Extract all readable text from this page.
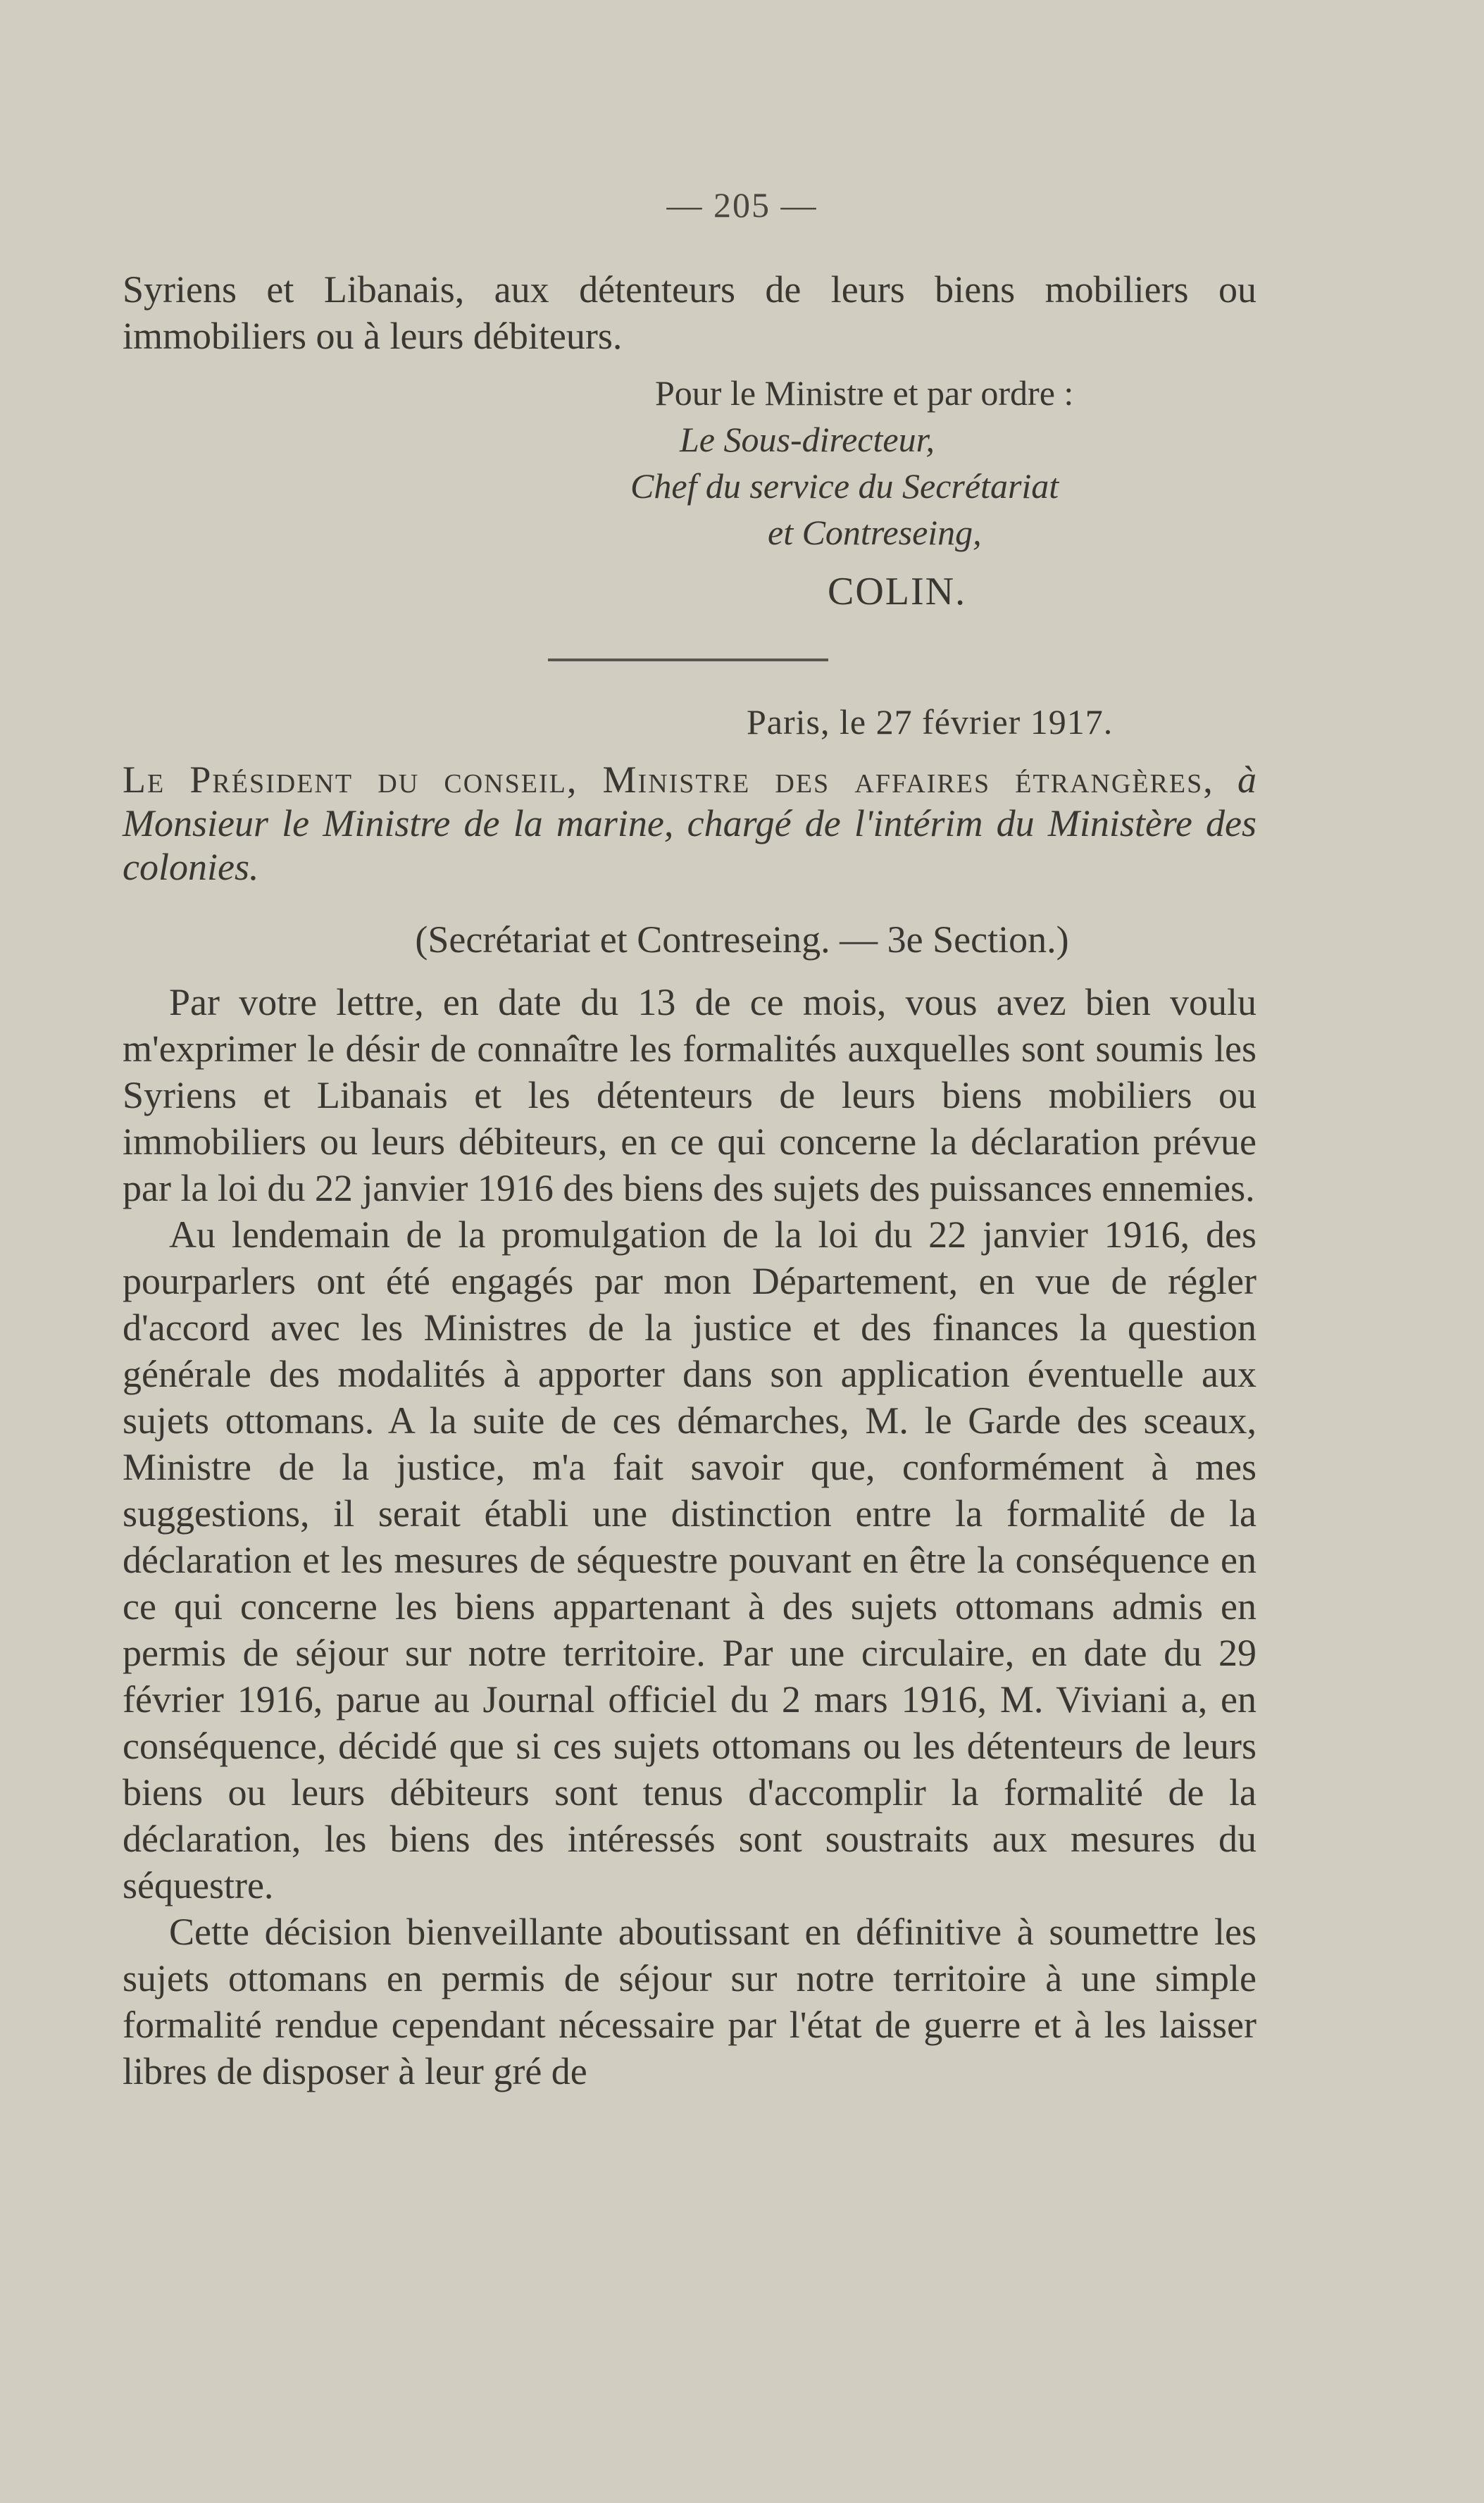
— 205 —

Syriens et Libanais, aux détenteurs de leurs biens mobiliers ou immobiliers ou à leurs débiteurs.

Pour le Ministre et par ordre :
Le Sous-directeur,
Chef du service du Secrétariat
et Contreseing,
COLIN.
Paris, le 27 février 1917.
Le Président du conseil, Ministre des affaires étrangères, à Monsieur le Ministre de la marine, chargé de l'intérim du Ministère des colonies.
(Secrétariat et Contreseing. — 3e Section.)

Par votre lettre, en date du 13 de ce mois, vous avez bien voulu m'exprimer le désir de connaître les formalités auxquelles sont soumis les Syriens et Libanais et les détenteurs de leurs biens mobiliers ou immobiliers ou leurs débiteurs, en ce qui concerne la déclaration prévue par la loi du 22 janvier 1916 des biens des sujets des puissances ennemies.

Au lendemain de la promulgation de la loi du 22 janvier 1916, des pourparlers ont été engagés par mon Département, en vue de régler d'accord avec les Ministres de la justice et des finances la question générale des modalités à apporter dans son application éventuelle aux sujets ottomans. A la suite de ces démarches, M. le Garde des sceaux, Ministre de la justice, m'a fait savoir que, conformément à mes suggestions, il serait établi une distinction entre la formalité de la déclaration et les mesures de séquestre pouvant en être la conséquence en ce qui concerne les biens appartenant à des sujets ottomans admis en permis de séjour sur notre territoire. Par une circulaire, en date du 29 février 1916, parue au Journal officiel du 2 mars 1916, M. Viviani a, en conséquence, décidé que si ces sujets ottomans ou les détenteurs de leurs biens ou leurs débiteurs sont tenus d'accomplir la formalité de la déclaration, les biens des intéressés sont soustraits aux mesures du séquestre.

Cette décision bienveillante aboutissant en définitive à soumettre les sujets ottomans en permis de séjour sur notre territoire à une simple formalité rendue cependant nécessaire par l'état de guerre et à les laisser libres de disposer à leur gré de
